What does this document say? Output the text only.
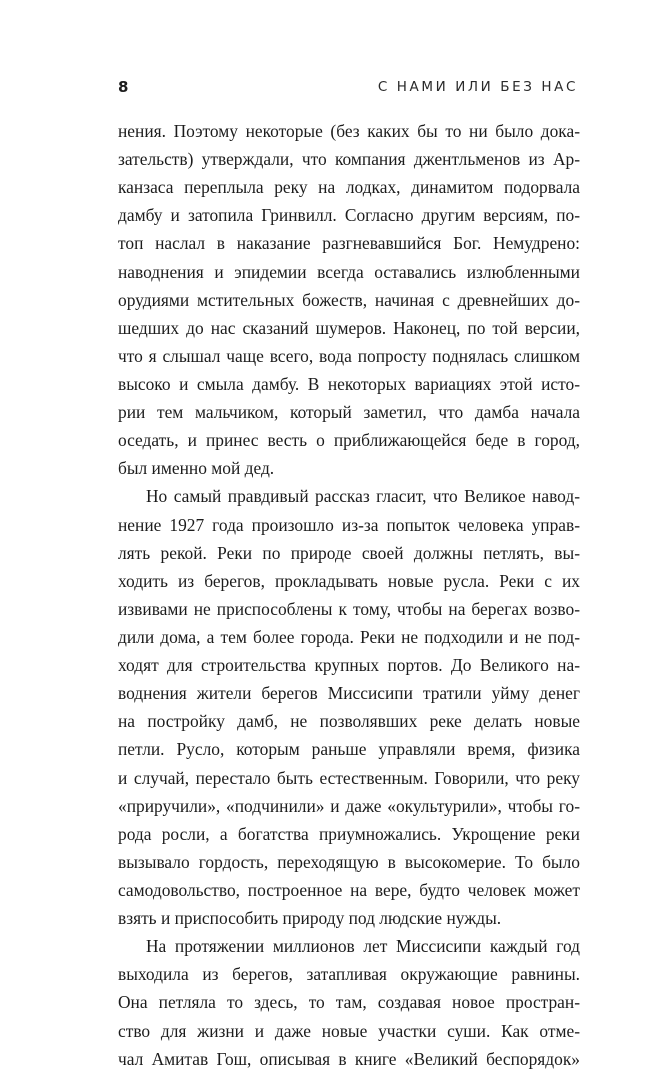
8	С НАМИ ИЛИ БЕЗ НАС
нения. Поэтому некоторые (без каких бы то ни было дока-
зательств) утверждали, что компания джентльменов из Ар-
канзаса переплыла реку на лодках, динамитом подорвала
дамбу и затопила Гринвилл. Согласно другим версиям, по-
топ наслал в наказание разгневавшийся Бог. Немудрено:
наводнения и эпидемии всегда оставались излюбленными
орудиями мстительных божеств, начиная с древнейших до-
шедших до нас сказаний шумеров. Наконец, по той версии,
что я слышал чаще всего, вода попросту поднялась слишком
высоко и смыла дамбу. В некоторых вариациях этой исто-
рии тем мальчиком, который заметил, что дамба начала
оседать, и принес весть о приближающейся беде в город,
был именно мой дед.
Но самый правдивый рассказ гласит, что Великое навод-
нение 1927 года произошло из-за попыток человека управ-
лять рекой. Реки по природе своей должны петлять, вы-
ходить из берегов, прокладывать новые русла. Реки с их
извивами не приспособлены к тому, чтобы на берегах возво-
дили дома, а тем более города. Реки не подходили и не под-
ходят для строительства крупных портов. До Великого на-
воднения жители берегов Миссисипи тратили уйму денег
на постройку дамб, не позволявших реке делать новые
петли. Русло, которым раньше управляли время, физика
и случай, перестало быть естественным. Говорили, что реку
«приручили», «подчинили» и даже «окультурили», чтобы го-
рода росли, а богатства приумножались. Укрощение реки
вызывало гордость, переходящую в высокомерие. То было
самодовольство, построенное на вере, будто человек может
взять и приспособить природу под людские нужды.
На протяжении миллионов лет Миссисипи каждый год
выходила из берегов, затапливая окружающие равнины.
Она петляла то здесь, то там, создавая новое простран-
ство для жизни и даже новые участки суши. Как отме-
чал Амитав Гош, описывая в книге «Великий беспорядок»
